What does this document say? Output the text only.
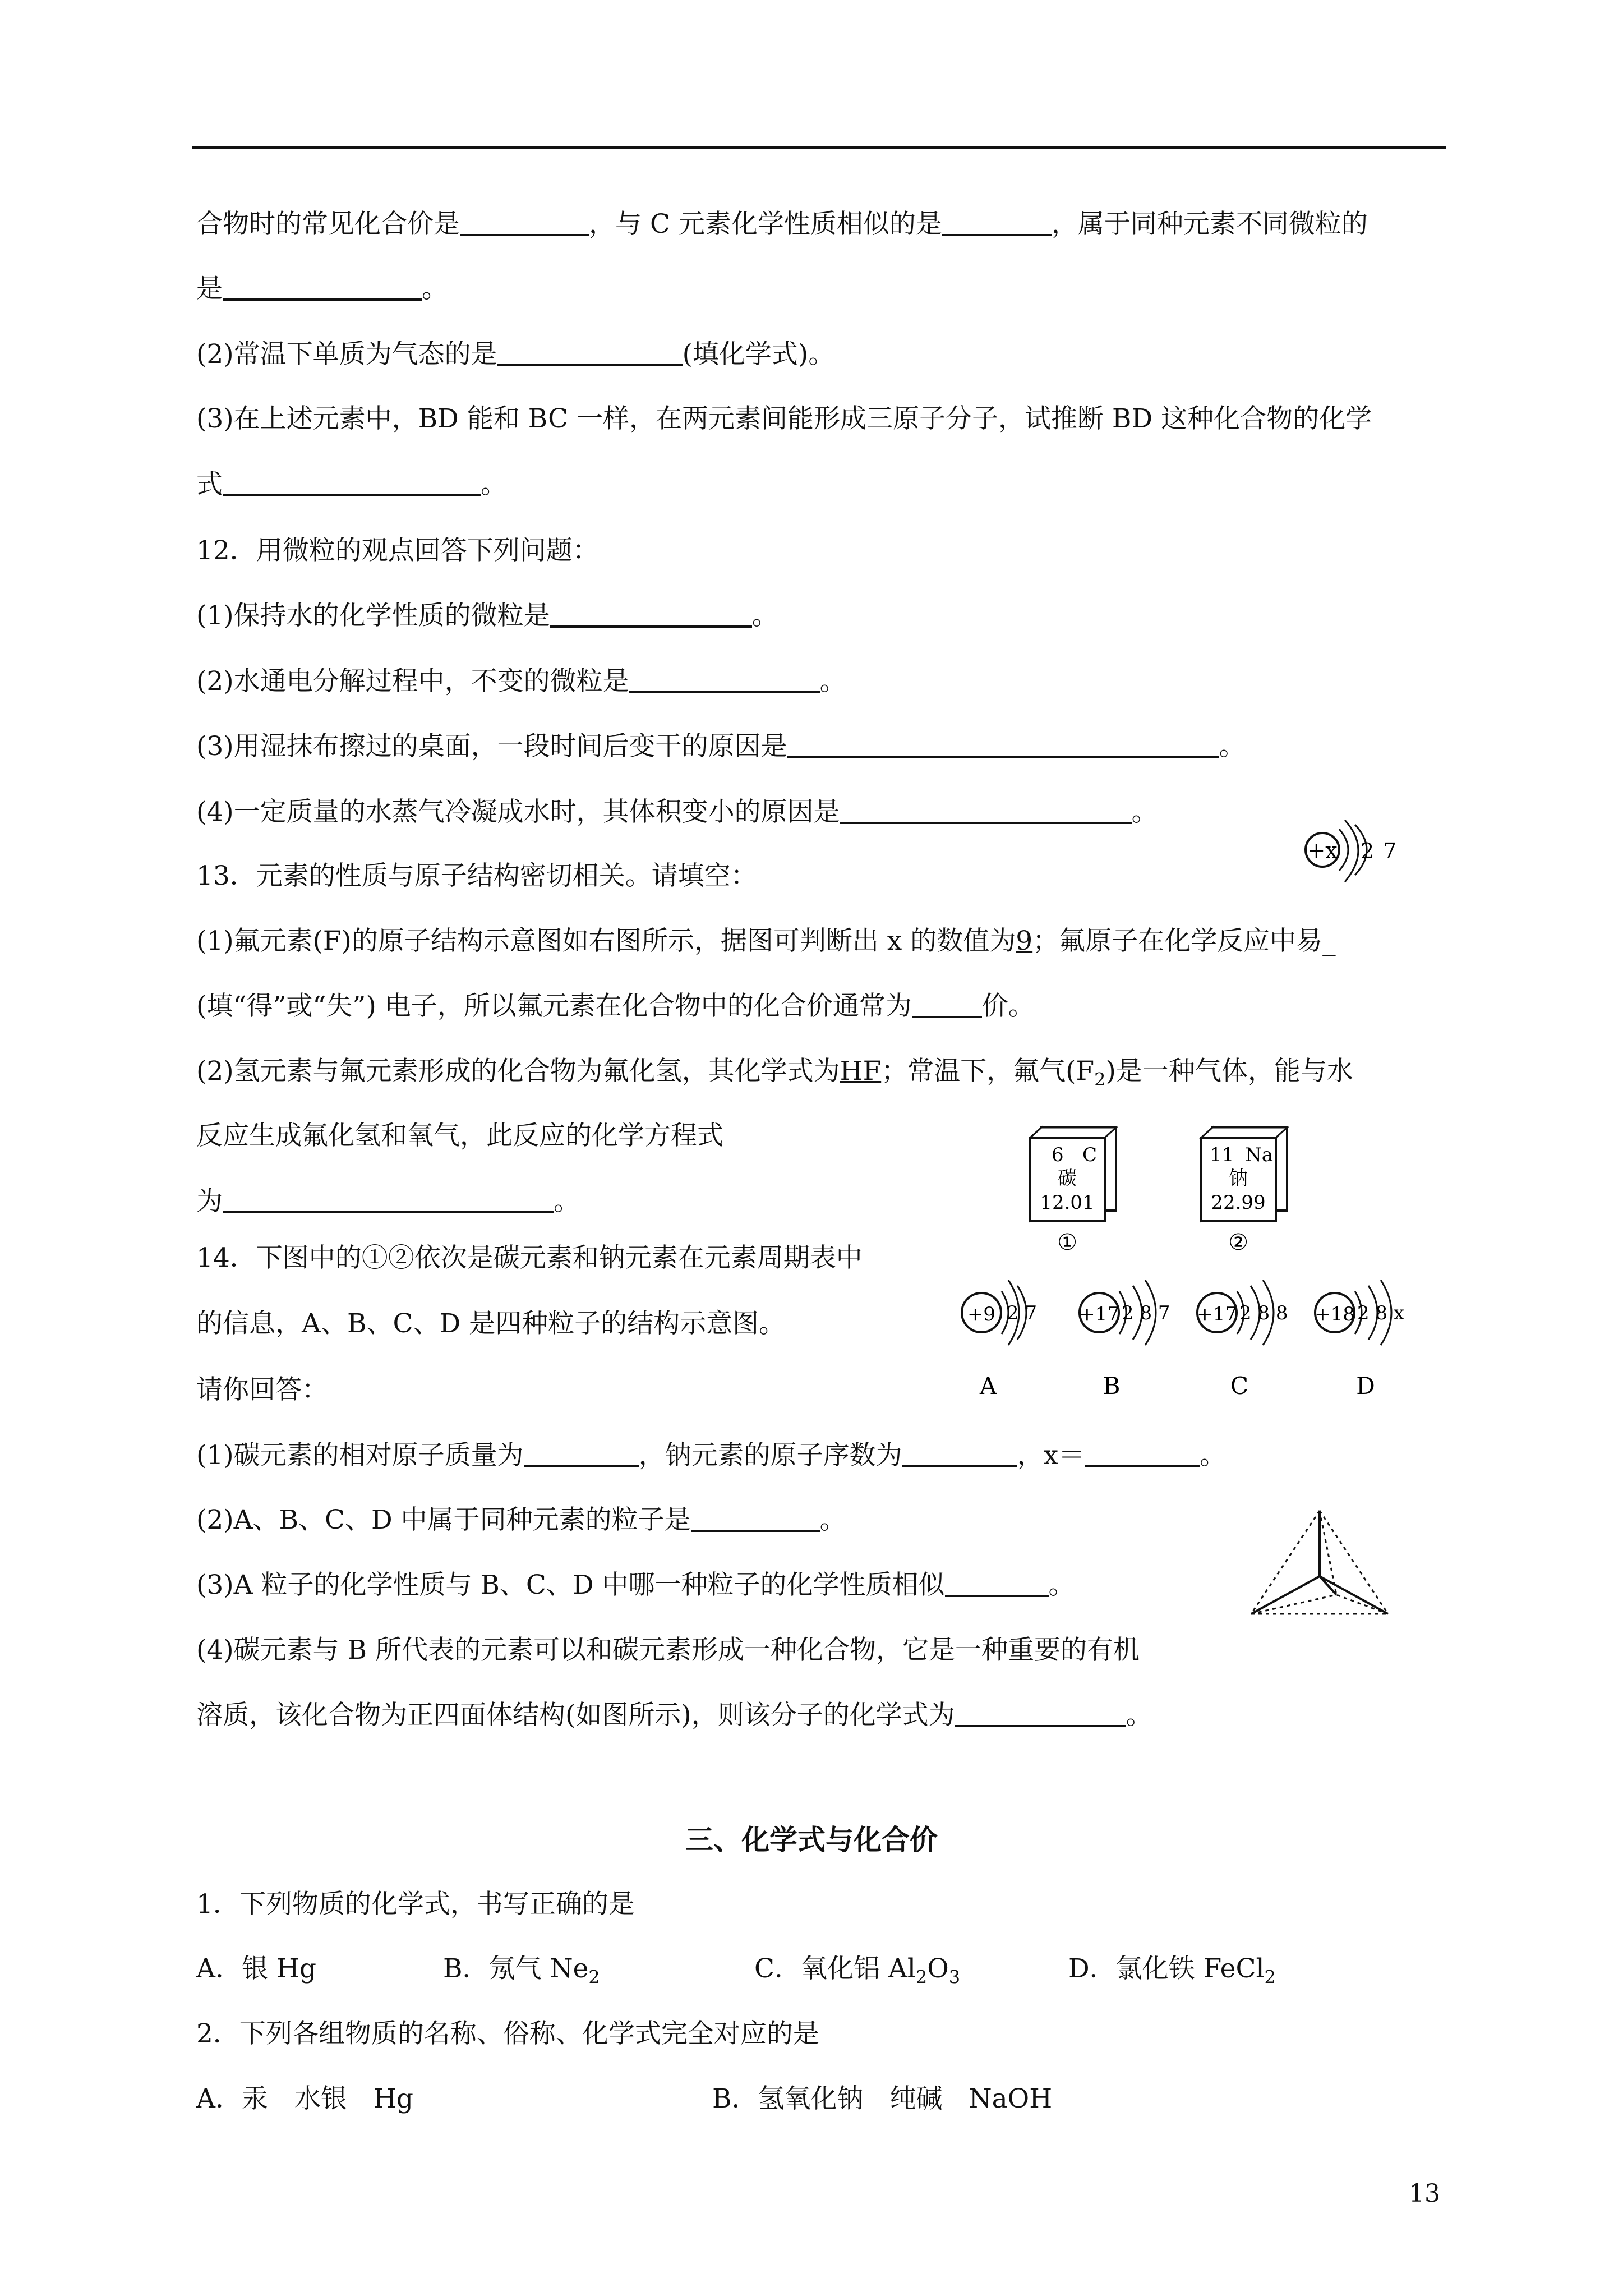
合物时的常见化合价是	，与 C 元素化学性质相似的是	，属于同种元素不同微粒的
是	。
(2)常温下单质为气态的是	(填化学式)。
(3)在上述元素中，BD 能和 BC 一样，在两元素间能形成三原子分子，试推断 BD 这种化合物的化学
式	。
12．用微粒的观点回答下列问题：
(1)保持水的化学性质的微粒是	。
(2)水通电分解过程中，不变的微粒是	。
(3)用湿抹布擦过的桌面，一段时间后变干的原因是	。
(4)一定质量的水蒸气冷凝成水时，其体积变小的原因是	。
13．元素的性质与原子结构密切相关。请填空：
(1)氟元素(F)的原子结构示意图如右图所示，据图可判断出 x 的数值为9；氟原子在化学反应中易_
(填“得”或“失”) 电子，所以氟元素在化合物中的化合价通常为	价。
(2)氢元素与氟元素形成的化合物为氟化氢，其化学式为HF；常温下，氟气$(F_2)$是一种气体，能与水
反应生成氟化氢和氧气，此反应的化学方程式
为	。
14．下图中的①②依次是碳元素和钠元素在元素周期表中
的信息，A、B、C、D 是四种粒子的结构示意图。
请你回答：
(1)碳元素的相对原子质量为	，钠元素的原子序数为	，x＝	。
(2)A、B、C、D 中属于同种元素的粒子是	。
(3)A 粒子的化学性质与 B、C、D 中哪一种粒子的化学性质相似	。
(4)碳元素与 B 所代表的元素可以和碳元素形成一种化合物，它是一种重要的有机
溶质，该化合物为正四面体结构(如图所示)，则该分子的化学式为	。
三、化学式与化合价
1．下列物质的化学式，书写正确的是
A．银 Hg	B．氖气 $Ne_2$	C．氧化铝 $Al_2O_3$	D．氯化铁 FeCl$_2$
2．下列各组物质的名称、俗称、化学式完全对应的是
A．汞　水银　Hg	B．氢氧化钠　纯碱　NaOH
13
+x 2 7
6 C
碳
12.01
①
11 Na
钠
22.99
②
+9 2 7
A
+17 2 8 7
B
+17 2 8 8
C
+18 2 8 x
D
